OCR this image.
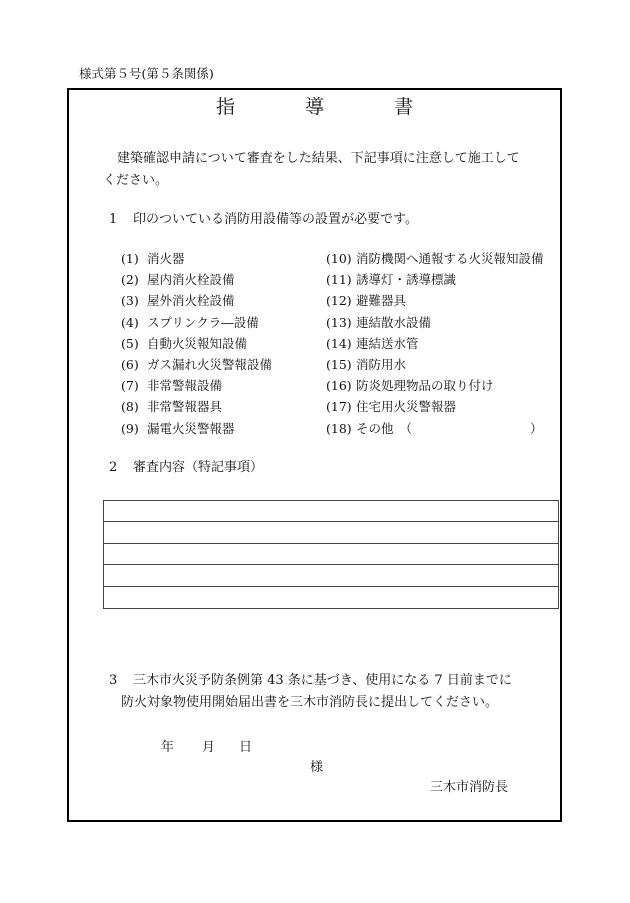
様式第５号(第５条関係)
指 導 書
建築確認申請について審査をした結果、下記事項に注意して施工してください。
1 印のついている消防用設備等の設置が必要です。
(1) 消火器
(2) 屋内消火栓設備
(3) 屋外消火栓設備
(4) スプリンクラ―設備
(5) 自動火災報知設備
(6) ガス漏れ火災警報設備
(7) 非常警報設備
(8) 非常警報器具
(9) 漏電火災警報器
(10) 消防機関へ通報する火災報知設備
(11) 誘導灯・誘導標識
(12) 避難器具
(13) 連結散水設備
(14) 連結送水管
(15) 消防用水
(16) 防炎処理物品の取り付け
(17) 住宅用火災警報器
(18) その他 （	）
2 審査内容（特記事項）
3 三木市火災予防条例第 43 条に基づき、使用になる 7 日前までに
防火対象物使用開始届出書を三木市消防長に提出してください。
年 月 日
様
三木市消防長
